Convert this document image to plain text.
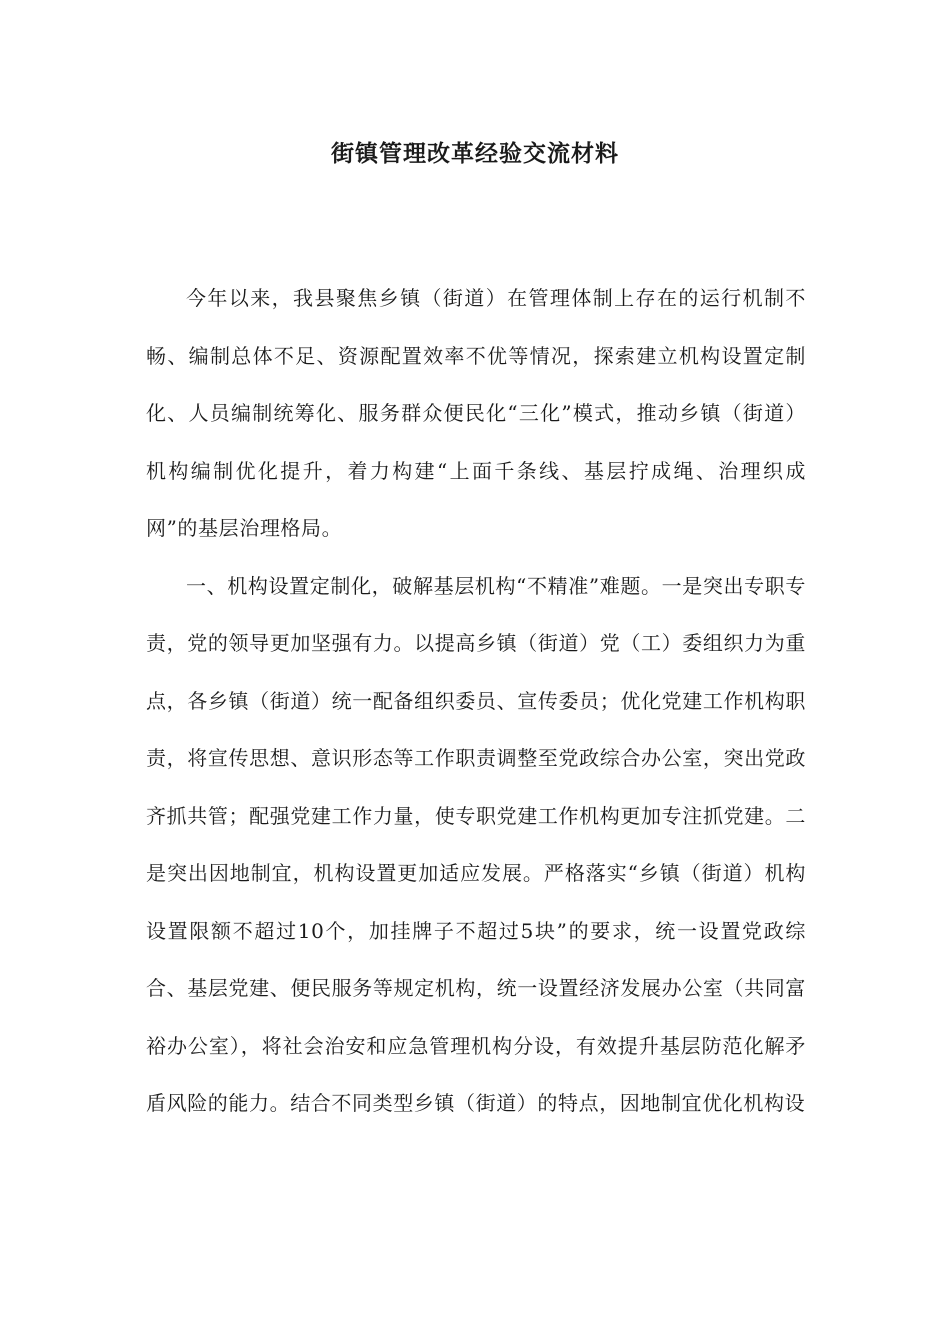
街镇管理改革经验交流材料

今年以来，我县聚焦乡镇（街道）在管理体制上存在的运行机制不畅、编制总体不足、资源配置效率不优等情况，探索建立机构设置定制化、人员编制统筹化、服务群众便民化“三化”模式，推动乡镇（街道）机构编制优化提升，着力构建“上面千条线、基层拧成绳、治理织成网”的基层治理格局。

一、机构设置定制化，破解基层机构“不精准”难题。一是突出专职专责，党的领导更加坚强有力。以提高乡镇（街道）党（工）委组织力为重点，各乡镇（街道）统一配备组织委员、宣传委员；优化党建工作机构职责，将宣传思想、意识形态等工作职责调整至党政综合办公室，突出党政齐抓共管；配强党建工作力量，使专职党建工作机构更加专注抓党建。二是突出因地制宜，机构设置更加适应发展。严格落实“乡镇（街道）机构设置限额不超过10个，加挂牌子不超过5块”的要求，统一设置党政综合、基层党建、便民服务等规定机构，统一设置经济发展办公室（共同富裕办公室），将社会治安和应急管理机构分设，有效提升基层防范化解矛盾风险的能力。结合不同类型乡镇（街道）的特点，因地制宜优化机构设
